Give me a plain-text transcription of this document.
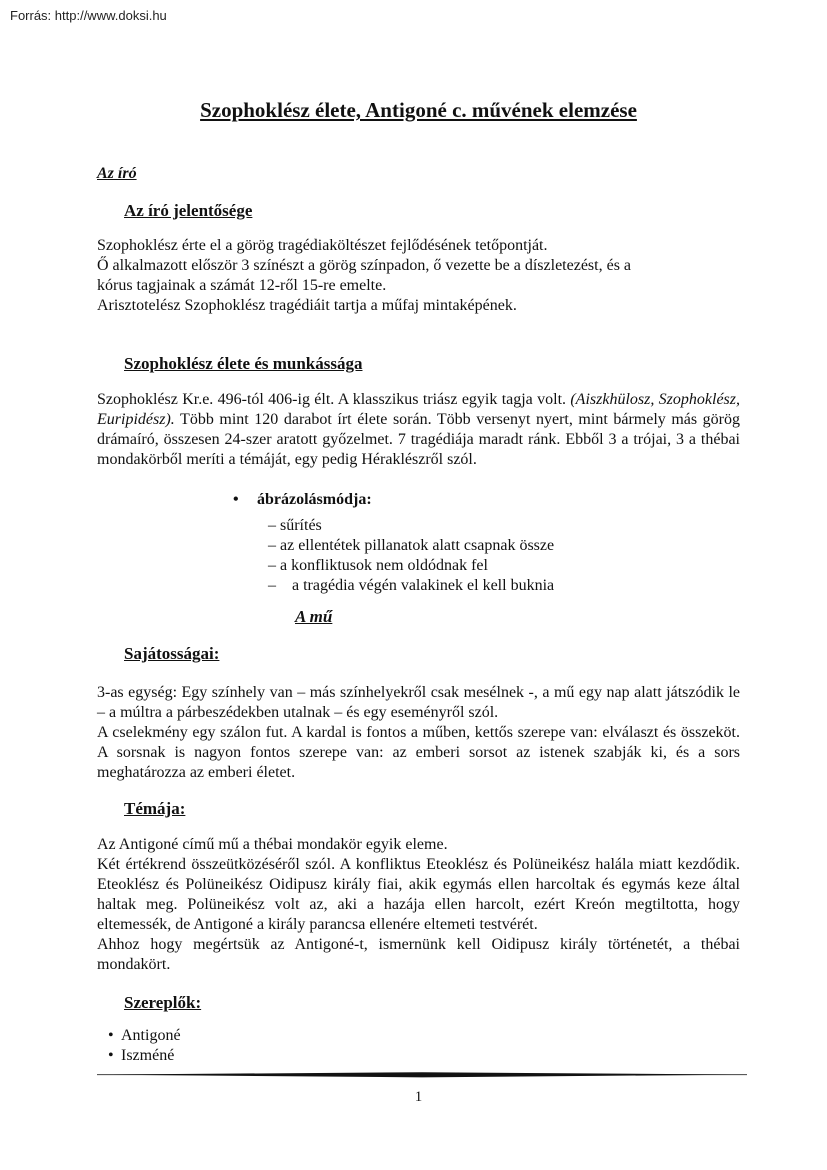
Forrás: http://www.doksi.hu
Szophoklész élete, Antigoné c. művének elemzése
Az író
Az író jelentősége
Szophoklész érte el a görög tragédiaköltészet fejlődésének tetőpontját.
Ő alkalmazott először 3 színészt a görög színpadon, ő vezette be a díszletezést, és a
kórus tagjainak a számát 12-ről 15-re emelte.
Arisztotelész Szophoklész tragédiáit tartja a műfaj mintaképének.
Szophoklész élete és munkássága
Szophoklész Kr.e. 496-tól 406-ig élt. A klasszikus triász egyik tagja volt. (Aiszkhülosz, Szophoklész, Euripidész). Több mint 120 darabot írt élete során. Több versenyt nyert, mint bármely más görög drámaíró, összesen 24-szer aratott győzelmet. 7 tragédiája maradt ránk. Ebből 3 a trójai, 3 a thébai mondakörből meríti a témáját, egy pedig Héraklészről szól.
• ábrázolásmódja:
– sűrítés
– az ellentétek pillanatok alatt csapnak össze
– a konfliktusok nem oldódnak fel
–    a tragédia végén valakinek el kell buknia
A mű
Sajátosságai:
3-as egység: Egy színhely van – más színhelyekről csak mesélnek -, a mű egy nap alatt játszódik le – a múltra a párbeszédekben utalnak – és egy eseményről szól.
A cselekmény egy szálon fut. A kardal is fontos a műben, kettős szerepe van: elválaszt és összeköt. A sorsnak is nagyon fontos szerepe van: az emberi sorsot az istenek szabják ki, és a sors meghatározza az emberi életet.
Témája:
Az Antigoné című mű a thébai mondakör egyik eleme.
Két értékrend összeütközéséről szól. A konfliktus Eteoklész és Polüneikész halála miatt kezdődik. Eteoklész és Polüneikész Oidipusz király fiai, akik egymás ellen harcoltak és egymás keze által haltak meg. Polüneikész volt az, aki a hazája ellen harcolt, ezért Kreón megtiltotta, hogy eltemessék, de Antigoné a király parancsa ellenére eltemeti testvérét.
Ahhoz hogy megértsük az Antigoné-t, ismernünk kell Oidipusz király történetét, a thébai mondakört.
Szereplők:
• Antigoné
• Iszméné
1
